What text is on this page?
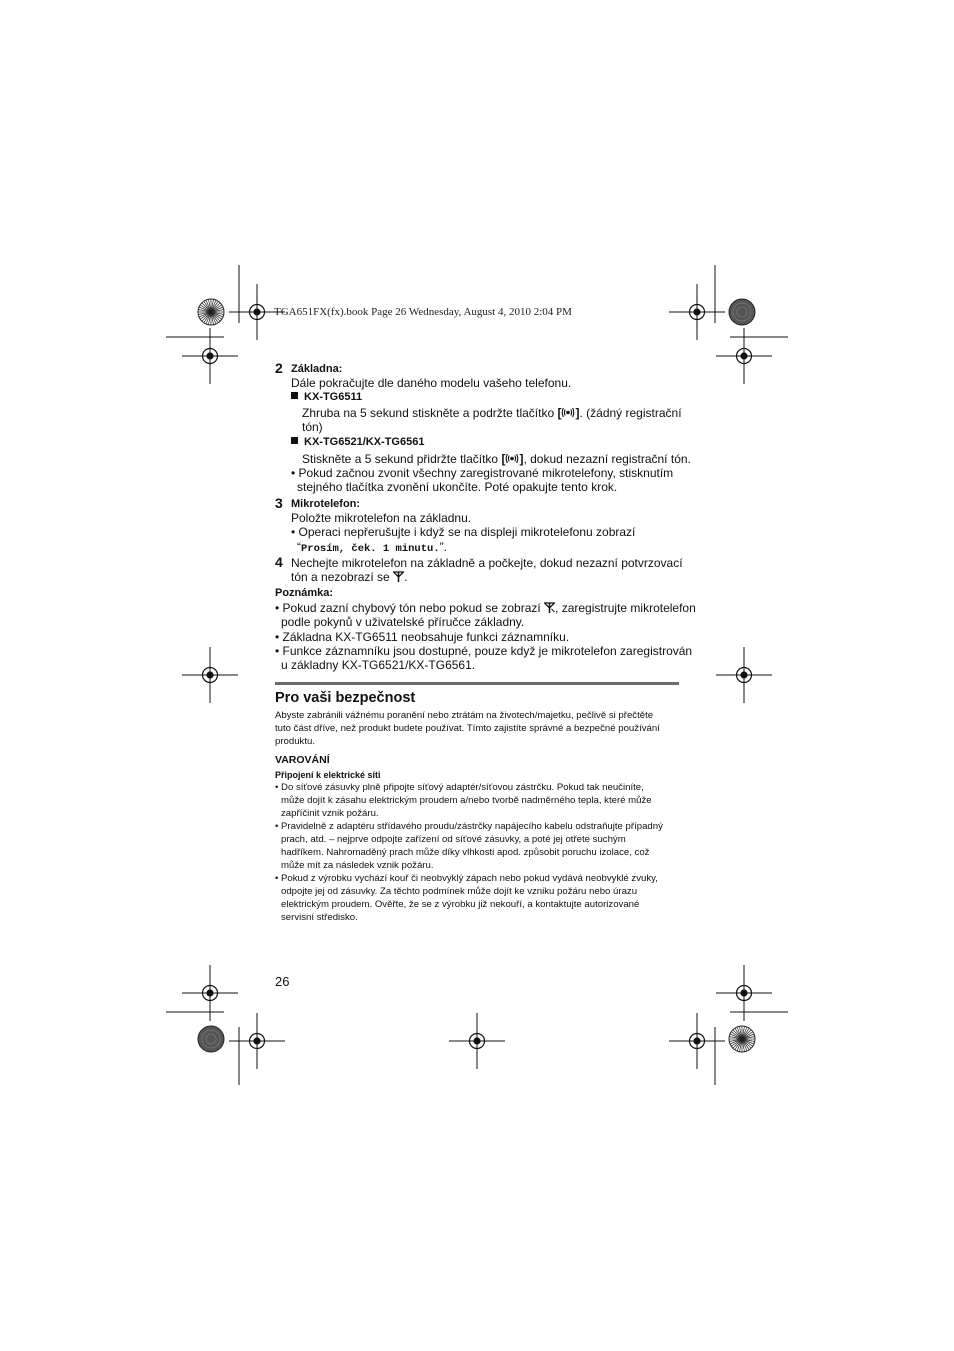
TGA651FX(fx).book Page 26 Wednesday, August 4, 2010 2:04 PM
2 Základna:
Dále pokračujte dle daného modelu vašeho telefonu.
KX-TG6511
Zhruba na 5 sekund stiskněte a podržte tlačítko [ ]. (žádný registrační
tón)
KX-TG6521/KX-TG6561
Stiskněte a 5 sekund přidržte tlačítko [ ], dokud nezazní registrační tón.
• Pokud začnou zvonit všechny zaregistrované mikrotelefony, stisknutím
stejného tlačítka zvonění ukončíte. Poté opakujte tento krok.
3 Mikrotelefon:
Položte mikrotelefon na základnu.
• Operaci nepřerušujte i když se na displeji mikrotelefonu zobrazí
“Prosím, ček. 1 minutu.”.
4 Nechejte mikrotelefon na základně a počkejte, dokud nezazní potvrzovací
tón a nezobrazí se .
Poznámka:
• Pokud zazní chybový tón nebo pokud se zobrazí , zaregistrujte mikrotelefon
podle pokynů v uživatelské příručce základny.
• Základna KX-TG6511 neobsahuje funkci záznamníku.
• Funkce záznamníku jsou dostupné, pouze když je mikrotelefon zaregistrován
u základny KX-TG6521/KX-TG6561.
Pro vaši bezpečnost
Abyste zabránili vážnému poranění nebo ztrátám na životech/majetku, pečlivě si přečtěte
tuto část dříve, než produkt budete používat. Tímto zajistíte správné a bezpečné používání
produktu.
VAROVÁNÍ
Připojení k elektrické síti
• Do síťové zásuvky plně připojte síťový adaptér/síťovou zástrčku. Pokud tak neučiníte,
může dojít k zásahu elektrickým proudem a/nebo tvorbě nadměrného tepla, které může
zapříčinit vznik požáru.
• Pravidelně z adaptéru střídavého proudu/zástrčky napájecího kabelu odstraňujte případný
prach, atd. – nejprve odpojte zařízení od síťové zásuvky, a poté jej otřete suchým
hadříkem. Nahromaděný prach může díky vlhkosti apod. způsobit poruchu izolace, což
může mít za následek vznik požáru.
• Pokud z výrobku vychází kouř či neobvyklý zápach nebo pokud vydává neobvyklé zvuky,
odpojte jej od zásuvky. Za těchto podmínek může dojít ke vzniku požáru nebo úrazu
elektrickým proudem. Ověřte, že se z výrobku již nekouří, a kontaktujte autorizované
servisní středisko.
26
